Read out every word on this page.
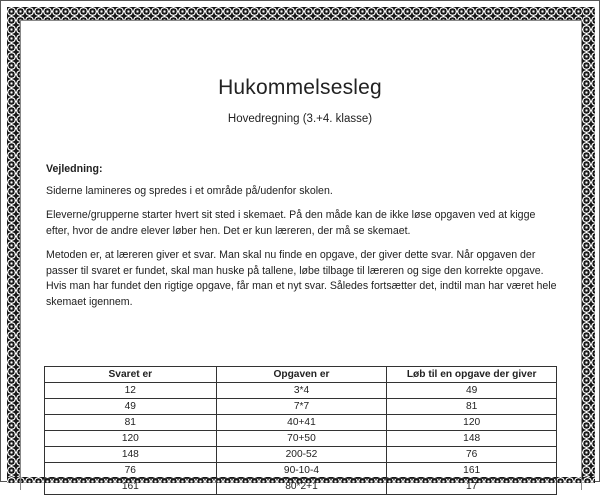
Hukommelsesleg
Hovedregning (3.+4. klasse)
Vejledning:
Siderne lamineres og spredes i et område på/udenfor skolen.
Eleverne/grupperne starter hvert sit sted i skemaet. På den måde kan de ikke løse opgaven ved at kigge efter, hvor de andre elever løber hen. Det er kun læreren, der må se skemaet.
Metoden er, at læreren giver et svar. Man skal nu finde en opgave, der giver dette svar. Når opgaven der passer til svaret er fundet, skal man huske på tallene, løbe tilbage til læreren og sige den korrekte opgave. Hvis man har fundet den rigtige opgave, får man et nyt svar. Således fortsætter det, indtil man har været hele skemaet igennem.
Svaret er	Opgaven er	Løb til en opgave der giver
12	3*4	49
49	7*7	81
81	40+41	120
120	70+50	148
148	200-52	76
76	90-10-4	161
161	80*2+1	17
